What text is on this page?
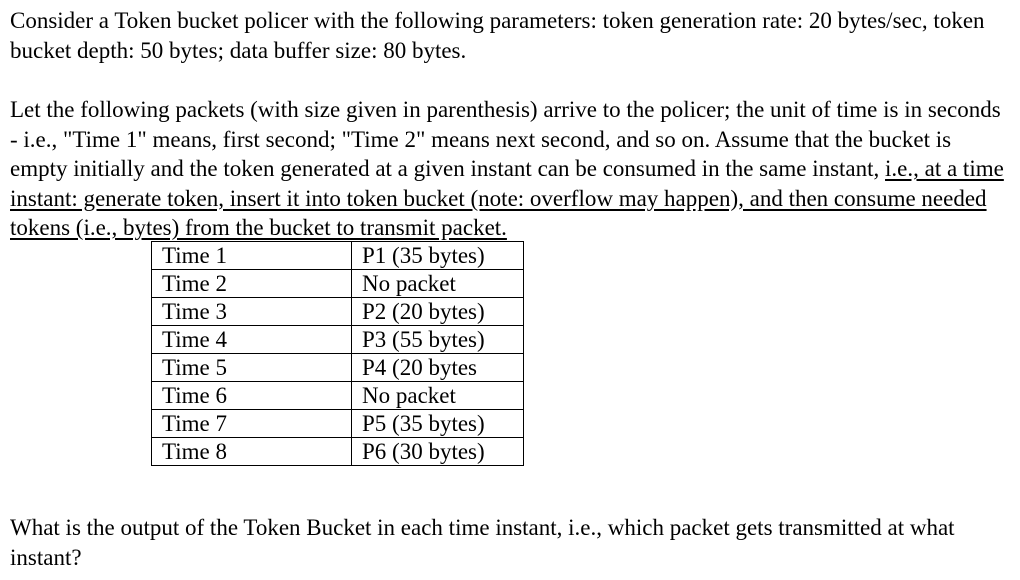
Consider a Token bucket policer with the following parameters: token generation rate: 20 bytes/sec, token bucket depth: 50 bytes; data buffer size: 80 bytes.

Let the following packets (with size given in parenthesis) arrive to the policer; the unit of time is in seconds - i.e., "Time 1" means, first second; "Time 2" means next second, and so on. Assume that the bucket is empty initially and the token generated at a given instant can be consumed in the same instant, i.e., at a time instant: generate token, insert it into token bucket (note: overflow may happen), and then consume needed tokens (i.e., bytes) from the bucket to transmit packet.

Time 1	P1 (35 bytes)
Time 2	No packet
Time 3	P2 (20 bytes)
Time 4	P3 (55 bytes)
Time 5	P4 (20 bytes
Time 6	No packet
Time 7	P5 (35 bytes)
Time 8	P6 (30 bytes)

What is the output of the Token Bucket in each time instant, i.e., which packet gets transmitted at what instant?
